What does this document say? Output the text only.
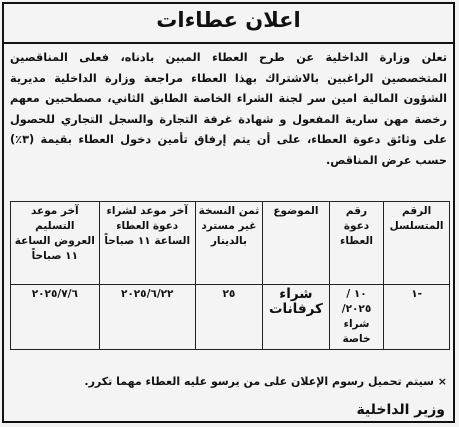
اعلان عطاءات
تعلن وزارة الداخلية عن طرح العطاء المبين بادناه، فعلى المناقصين المتخصصين الراغبين بالاشتراك بهذا العطاء مراجعة وزارة الداخلية مديرية الشؤون المالية امين سر لجنة الشراء الخاصة الطابق الثاني، مصطحبين معهم رخصة مهن سارية المفعول و شهادة غرفة التجارة والسجل التجاري للحصول على وثائق دعوة العطاء، على أن يتم إرفاق تأمين دخول العطاء بقيمة (٣٪) حسب عرض المناقص.
الرقم المتسلسل	رقم دعوة العطاء	الموضوع	ثمن النسخة غير مسترد بالدينار	آخر موعد لشراء دعوة العطاء الساعة ١١ صباحاً	آخر موعد التسليم العروض الساعة ١١ صباحاً
-١	١٠ /٢٠٢٥/ شراء خاصة	شراء كرفانات	٢٥	٢٠٢٥/٦/٢٢	٢٠٢٥/٧/٦
× سيتم تحميل رسوم الإعلان على من يرسو عليه العطاء مهما تكرر.
وزير الداخلية
